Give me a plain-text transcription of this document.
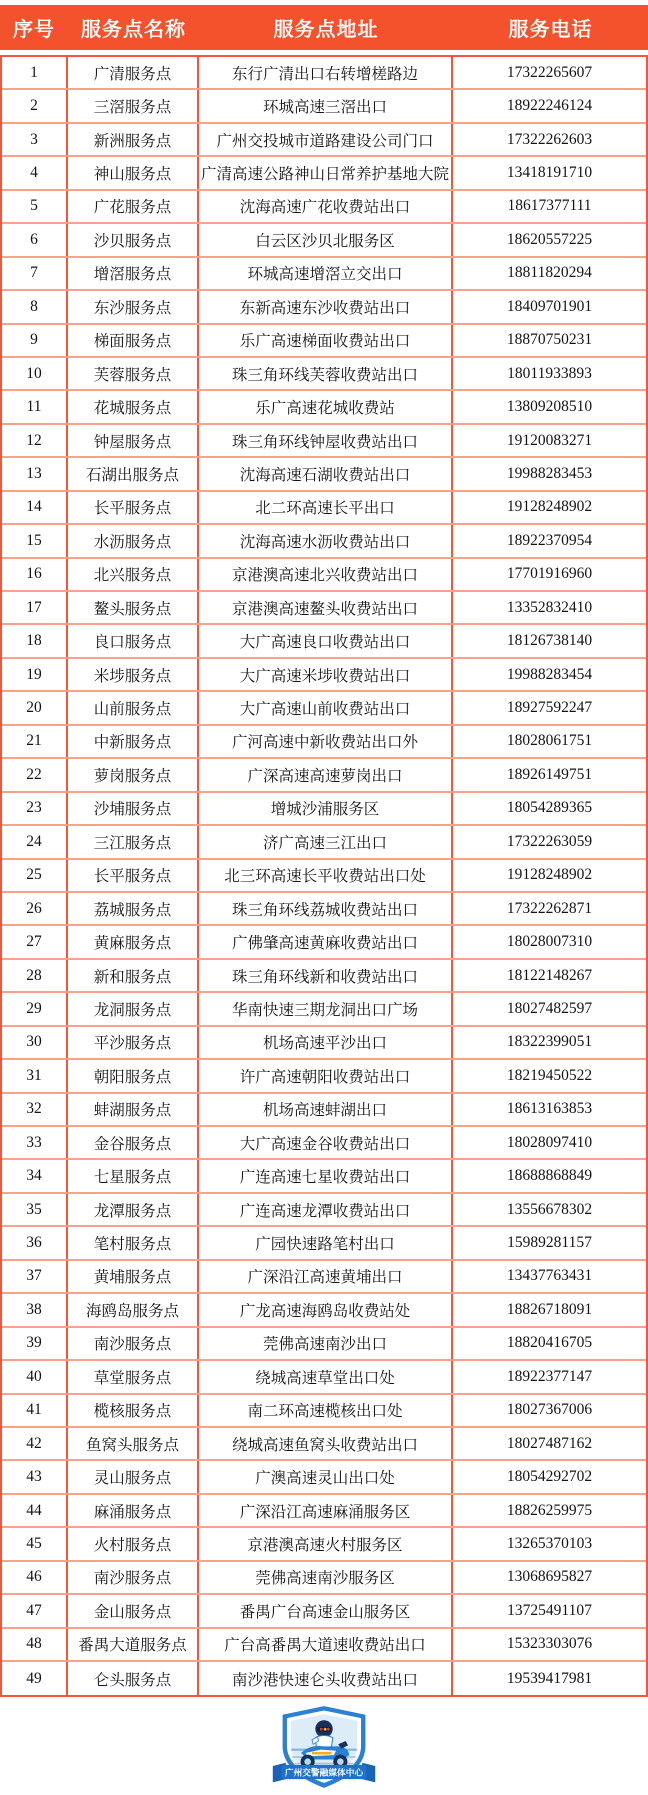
序号	服务点名称	服务点地址	服务电话
1	广清服务点	东行广清出口右转增槎路边	17322265607
2	三滘服务点	环城高速三滘出口	18922246124
3	新洲服务点	广州交投城市道路建设公司门口	17322262603
4	神山服务点	广清高速公路神山日常养护基地大院	13418191710
5	广花服务点	沈海高速广花收费站出口	18617377111
6	沙贝服务点	白云区沙贝北服务区	18620557225
7	增滘服务点	环城高速增滘立交出口	18811820294
8	东沙服务点	东新高速东沙收费站出口	18409701901
9	梯面服务点	乐广高速梯面收费站出口	18870750231
10	芙蓉服务点	珠三角环线芙蓉收费站出口	18011933893
11	花城服务点	乐广高速花城收费站	13809208510
12	钟屋服务点	珠三角环线钟屋收费站出口	19120083271
13	石湖出服务点	沈海高速石湖收费站出口	19988283453
14	长平服务点	北二环高速长平出口	19128248902
15	水沥服务点	沈海高速水沥收费站出口	18922370954
16	北兴服务点	京港澳高速北兴收费站出口	17701916960
17	鳌头服务点	京港澳高速鳌头收费站出口	13352832410
18	良口服务点	大广高速良口收费站出口	18126738140
19	米埗服务点	大广高速米埗收费站出口	19988283454
20	山前服务点	大广高速山前收费站出口	18927592247
21	中新服务点	广河高速中新收费站出口外	18028061751
22	萝岗服务点	广深高速高速萝岗出口	18926149751
23	沙埔服务点	增城沙浦服务区	18054289365
24	三江服务点	济广高速三江出口	17322263059
25	长平服务点	北三环高速长平收费站出口处	19128248902
26	荔城服务点	珠三角环线荔城收费站出口	17322262871
27	黄麻服务点	广佛肇高速黄麻收费站出口	18028007310
28	新和服务点	珠三角环线新和收费站出口	18122148267
29	龙洞服务点	华南快速三期龙洞出口广场	18027482597
30	平沙服务点	机场高速平沙出口	18322399051
31	朝阳服务点	许广高速朝阳收费站出口	18219450522
32	蚌湖服务点	机场高速蚌湖出口	18613163853
33	金谷服务点	大广高速金谷收费站出口	18028097410
34	七星服务点	广连高速七星收费站出口	18688868849
35	龙潭服务点	广连高速龙潭收费站出口	13556678302
36	笔村服务点	广园快速路笔村出口	15989281157
37	黄埔服务点	广深沿江高速黄埔出口	13437763431
38	海鸥岛服务点	广龙高速海鸥岛收费站处	18826718091
39	南沙服务点	莞佛高速南沙出口	18820416705
40	草堂服务点	绕城高速草堂出口处	18922377147
41	榄核服务点	南二环高速榄核出口处	18027367006
42	鱼窝头服务点	绕城高速鱼窝头收费站出口	18027487162
43	灵山服务点	广澳高速灵山出口处	18054292702
44	麻涌服务点	广深沿江高速麻涌服务区	18826259975
45	火村服务点	京港澳高速火村服务区	13265370103
46	南沙服务点	莞佛高速南沙服务区	13068695827
47	金山服务点	番禺广台高速金山服务区	13725491107
48	番禺大道服务点	广台高番禺大道速收费站出口	15323303076
49	仑头服务点	南沙港快速仑头收费站出口	19539417981
广州交警融媒体中心
